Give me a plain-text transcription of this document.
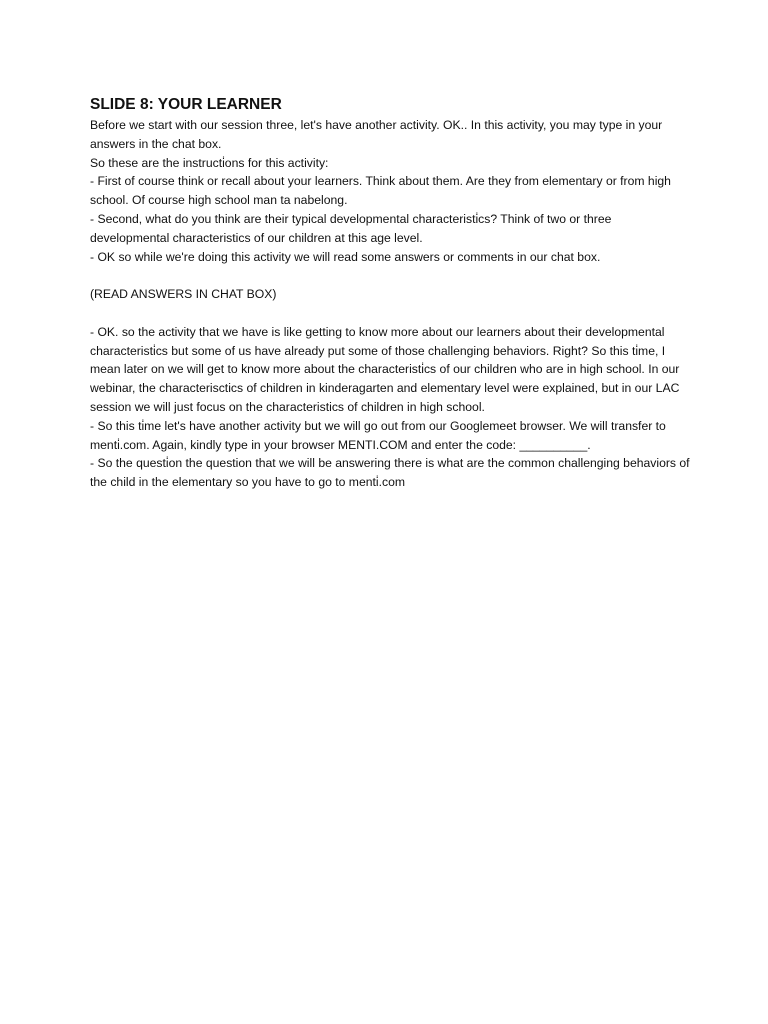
SLIDE 8: YOUR LEARNER

Before we start with our session three, let's have another activity. OK.. In this activity, you may type in your answers in the chat box.

So these are the instructi̇ons for this activity:

- First of course think or recall about your learners. Think about them. Are they from elementary or from high school. Of course high school man ta nabelong.

- Second, what do you think are their typical developmental characteristi̇cs? Think of two or three developmental characteristics of our children at this age level.

- OK so while we're doing this activity we will read some answers or comments in our chat box.

(READ ANSWERS IN CHAT BOX)

- OK. so the activity that we have is like getting to know more about our learners about their developmental characteristi̇cs but some of us have already put some of those challenging behaviors. Right? So this ti̇me, I mean later on we will get to know more about the characteristi̇cs of our children who are in high school. In our webinar, the characterisctics of children in kinderagarten and elementary level were explained, but in our LAC session we will just focus on the characteristics of children in high school.

- So this ti̇me let's have another activity but we will go out from our Googlemeet browser. We will transfer to menti̇.com. Again, kindly type in your browser MENTI.COM and enter the code: __________.

- So the questi̇on the question that we will be answering there is what are the common challenging behaviors of the child in the elementary so you have to go to menti̇.com
